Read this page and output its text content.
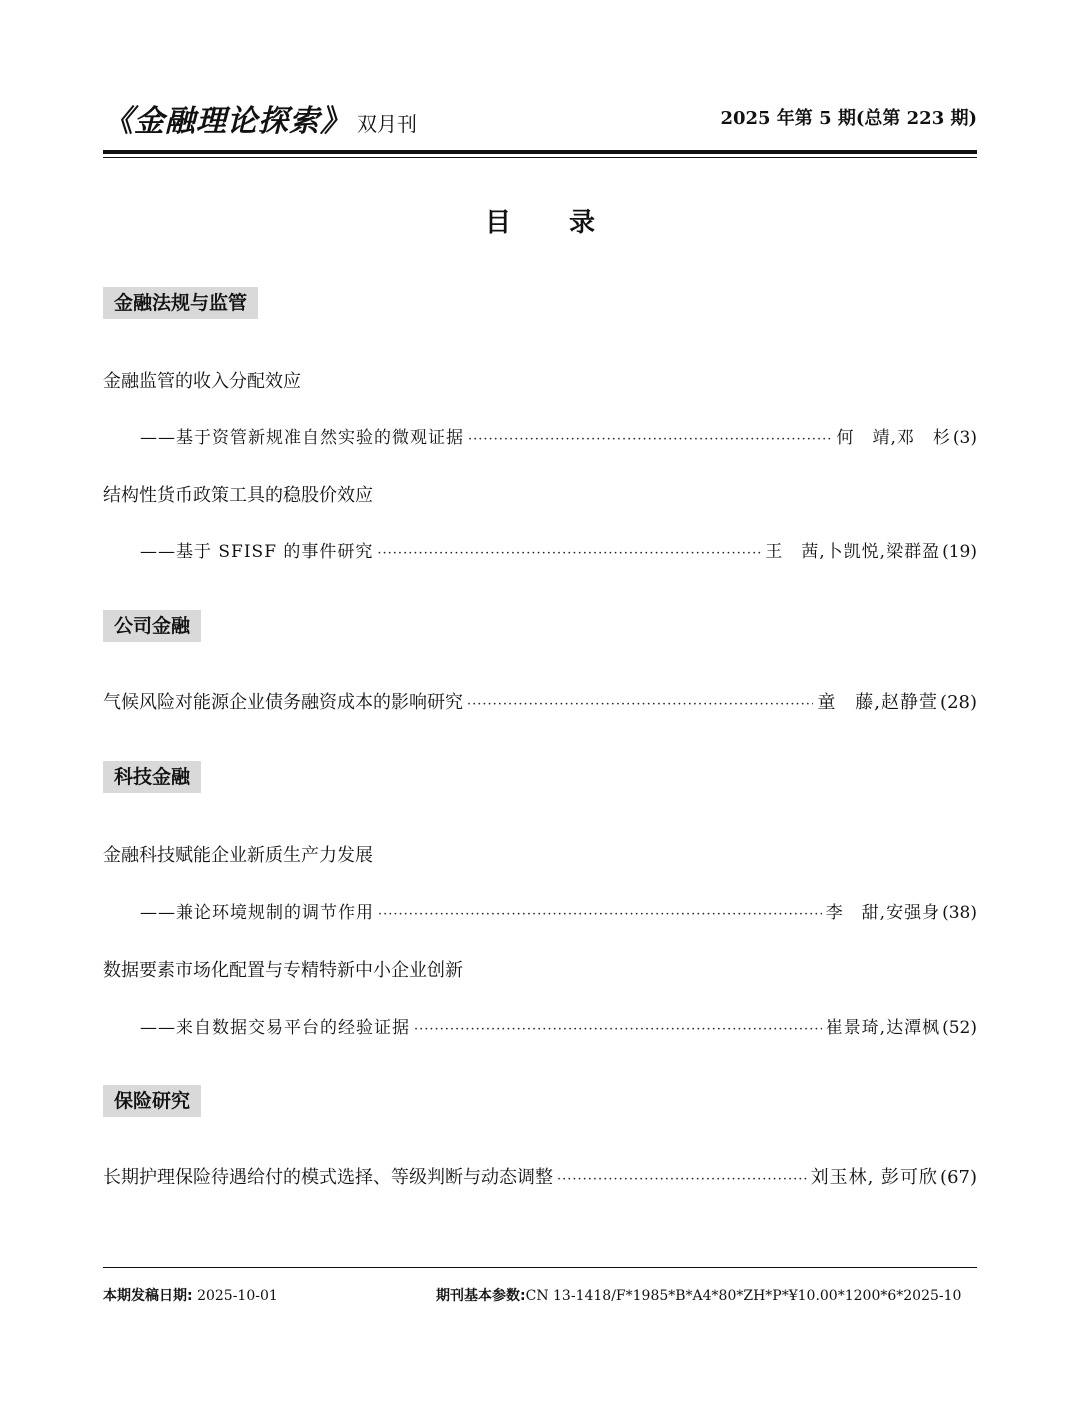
《金融理论探索》 双月刊	2025 年第 5 期(总第 223 期)
目 录
金融法规与监管
金融监管的收入分配效应
——基于资管新规准自然实验的微观证据 ·····	何　靖,邓　杉 (3)
结构性货币政策工具的稳股价效应
——基于 SFISF 的事件研究 ·····	王　茜,卜凯悦,梁群盈 (19)
公司金融
气候风险对能源企业债务融资成本的影响研究 ·····	童　藤,赵静萱 (28)
科技金融
金融科技赋能企业新质生产力发展
——兼论环境规制的调节作用 ·····	李　甜,安强身 (38)
数据要素市场化配置与专精特新中小企业创新
——来自数据交易平台的经验证据 ·····	崔景琦,达潭枫 (52)
保险研究
长期护理保险待遇给付的模式选择、等级判断与动态调整 ·····	刘玉林, 彭可欣 (67)
本期发稿日期: 2025-10-01	期刊基本参数:CN 13-1418/F*1985*B*A4*80*ZH*P*¥10.00*1200*6*2025-10
